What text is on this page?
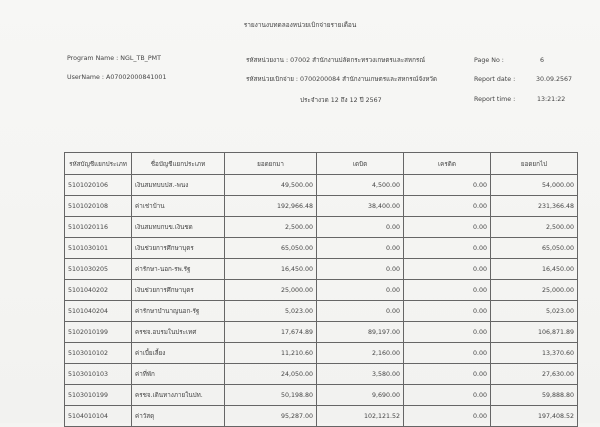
รายงานงบทดลองหน่วยเบิกจ่ายรายเดือน
Program Name : NGL_TB_PMT
UserName : A07002000841001
รหัสหน่วยงาน : 07002 สำนักงานปลัดกระทรวงเกษตรและสหกรณ์
รหัสหน่วยเบิกจ่าย : 0700200084 สำนักงานเกษตรและสหกรณ์จังหวัด
ประจำงวด 12 ถึง 12 ปี 2567
Page No :	6
Report date :	30.09.2567
Report time :	13:21:22
รหัสบัญชีแยกประเภท	ชื่อบัญชีแยกประเภท	ยอดยกมา	เดบิต	เครดิต	ยอดยกไป
5101020106	เงินสมทบบปส.-พนง	49,500.00	4,500.00	0.00	54,000.00
5101020108	ค่าเช่าบ้าน	192,966.48	38,400.00	0.00	231,366.48
5101020116	เงินสมทบกบข.เงินชด	2,500.00	0.00	0.00	2,500.00
5101030101	เงินช่วยการศึกษาบุตร	65,050.00	0.00	0.00	65,050.00
5101030205	ค่ารักษา-นอก-รพ.รัฐ	16,450.00	0.00	0.00	16,450.00
5101040202	เงินช่วยการศึกษาบุตร	25,000.00	0.00	0.00	25,000.00
5101040204	ค่ารักษาบำนาญนอก-รัฐ	5,023.00	0.00	0.00	5,023.00
5102010199	ครชจ.อบรมในประเทศ	17,674.89	89,197.00	0.00	106,871.89
5103010102	ค่าเบี้ยเลี้ยง	11,210.60	2,160.00	0.00	13,370.60
5103010103	ค่าที่พัก	24,050.00	3,580.00	0.00	27,630.00
5103010199	ครชจ.เดินทางภายในปท.	50,198.80	9,690.00	0.00	59,888.80
5104010104	ค่าวัสดุ	95,287.00	102,121.52	0.00	197,408.52
